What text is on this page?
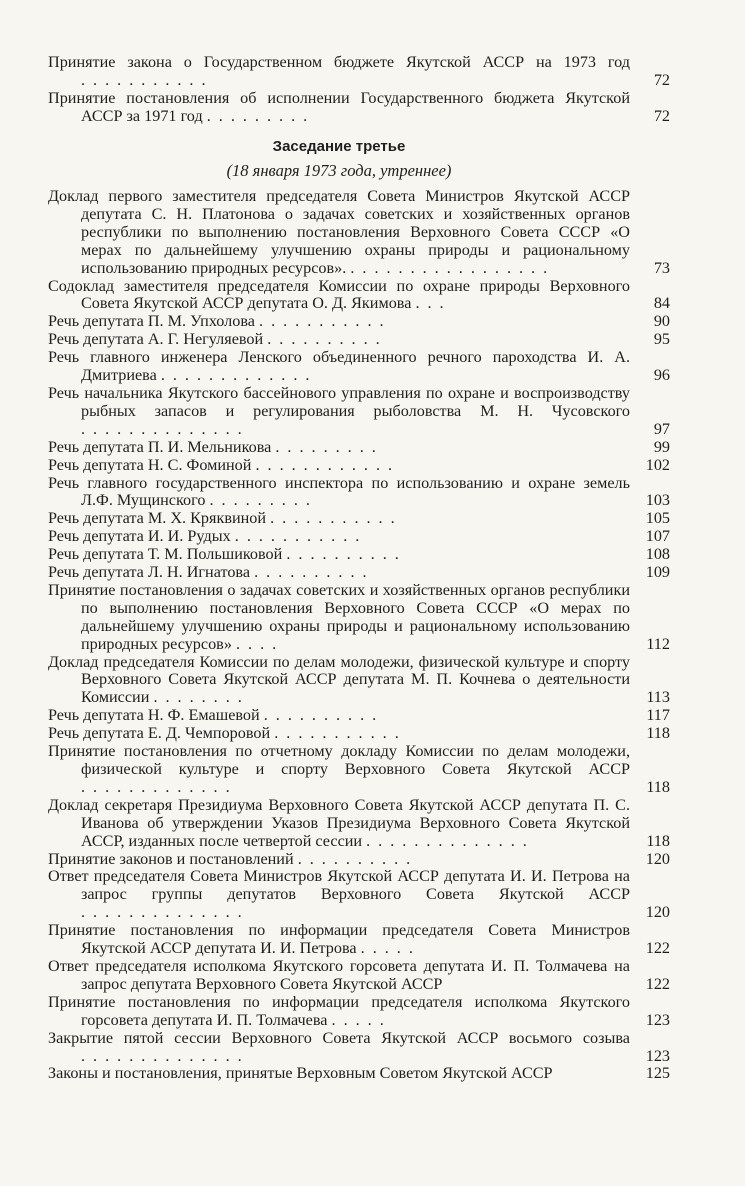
Принятие закона о Государственном бюджете Якутской АССР на 1973 год ...........	72

Принятие постановления об исполнении Государственного бюджета Якутской АССР за 1971 год .........	72

Заседание третье
(18 января 1973 года, утреннее)

Доклад первого заместителя председателя Совета Министров Якутской АССР депутата С. Н. Платонова о задачах советских и хозяйственных органов республики по выполнению постановления Верховного Совета СССР «О мерах по дальнейшему улучшению охраны природы и рациональному использованию природных ресурсов». .................	73

Содоклад заместителя председателя Комиссии по охране природы Верховного Совета Якутской АССР депутата О. Д. Якимова ...	84

Речь депутата П. М. Упхолова ...........	90

Речь депутата А. Г. Негуляевой ..........	95

Речь главного инженера Ленского объединенного речного пароходства И. А. Дмитриева .............	96

Речь начальника Якутского бассейнового управления по охране и воспроизводству рыбных запасов и регулирования рыболовства М. Н. Чусовского ..............	97

Речь депутата П. И. Мельникова .........	99

Речь депутата Н. С. Фоминой ............	102

Речь главного государственного инспектора по использованию и охране земель Л.Ф. Мущинского .........	103

Речь депутата М. Х. Кряквиной ...........	105

Речь депутата И. И. Рудых ...........	107

Речь депутата Т. М. Польшиковой ..........	108

Речь депутата Л. Н. Игнатова ..........	109

Принятие постановления о задачах советских и хозяйственных органов республики по выполнению постановления Верховного Совета СССР «О мерах по дальнейшему улучшению охраны природы и рациональному использованию природных ресурсов» ....	112

Доклад председателя Комиссии по делам молодежи, физической культуре и спорту Верховного Совета Якутской АССР депутата М. П. Кочнева о деятельности Комиссии ........	113

Речь депутата Н. Ф. Емашевой ..........	117

Речь депутата Е. Д. Чемпоровой ...........	118

Принятие постановления по отчетному докладу Комиссии по делам молодежи, физической культуре и спорту Верховного Совета Якутской АССР .............	118

Доклад секретаря Президиума Верховного Совета Якутской АССР депутата П. С. Иванова об утверждении Указов Президиума Верховного Совета Якутской АССР, изданных после четвертой сессии ..............	118

Принятие законов и постановлений ..........	120

Ответ председателя Совета Министров Якутской АССР депутата И. И. Петрова на запрос группы депутатов Верховного Совета Якутской АССР ..............	120

Принятие постановления по информации председателя Совета Министров Якутской АССР депутата И. И. Петрова .....	122

Ответ председателя исполкома Якутского горсовета депутата И. П. Толмачева на запрос депутата Верховного Совета Якутской АССР	122

Принятие постановления по информации председателя исполкома Якутского горсовета депутата И. П. Толмачева .....	123

Закрытие пятой сессии Верховного Совета Якутской АССР восьмого созыва ..............	123

Законы и постановления, принятые Верховным Советом Якутской АССР	125
